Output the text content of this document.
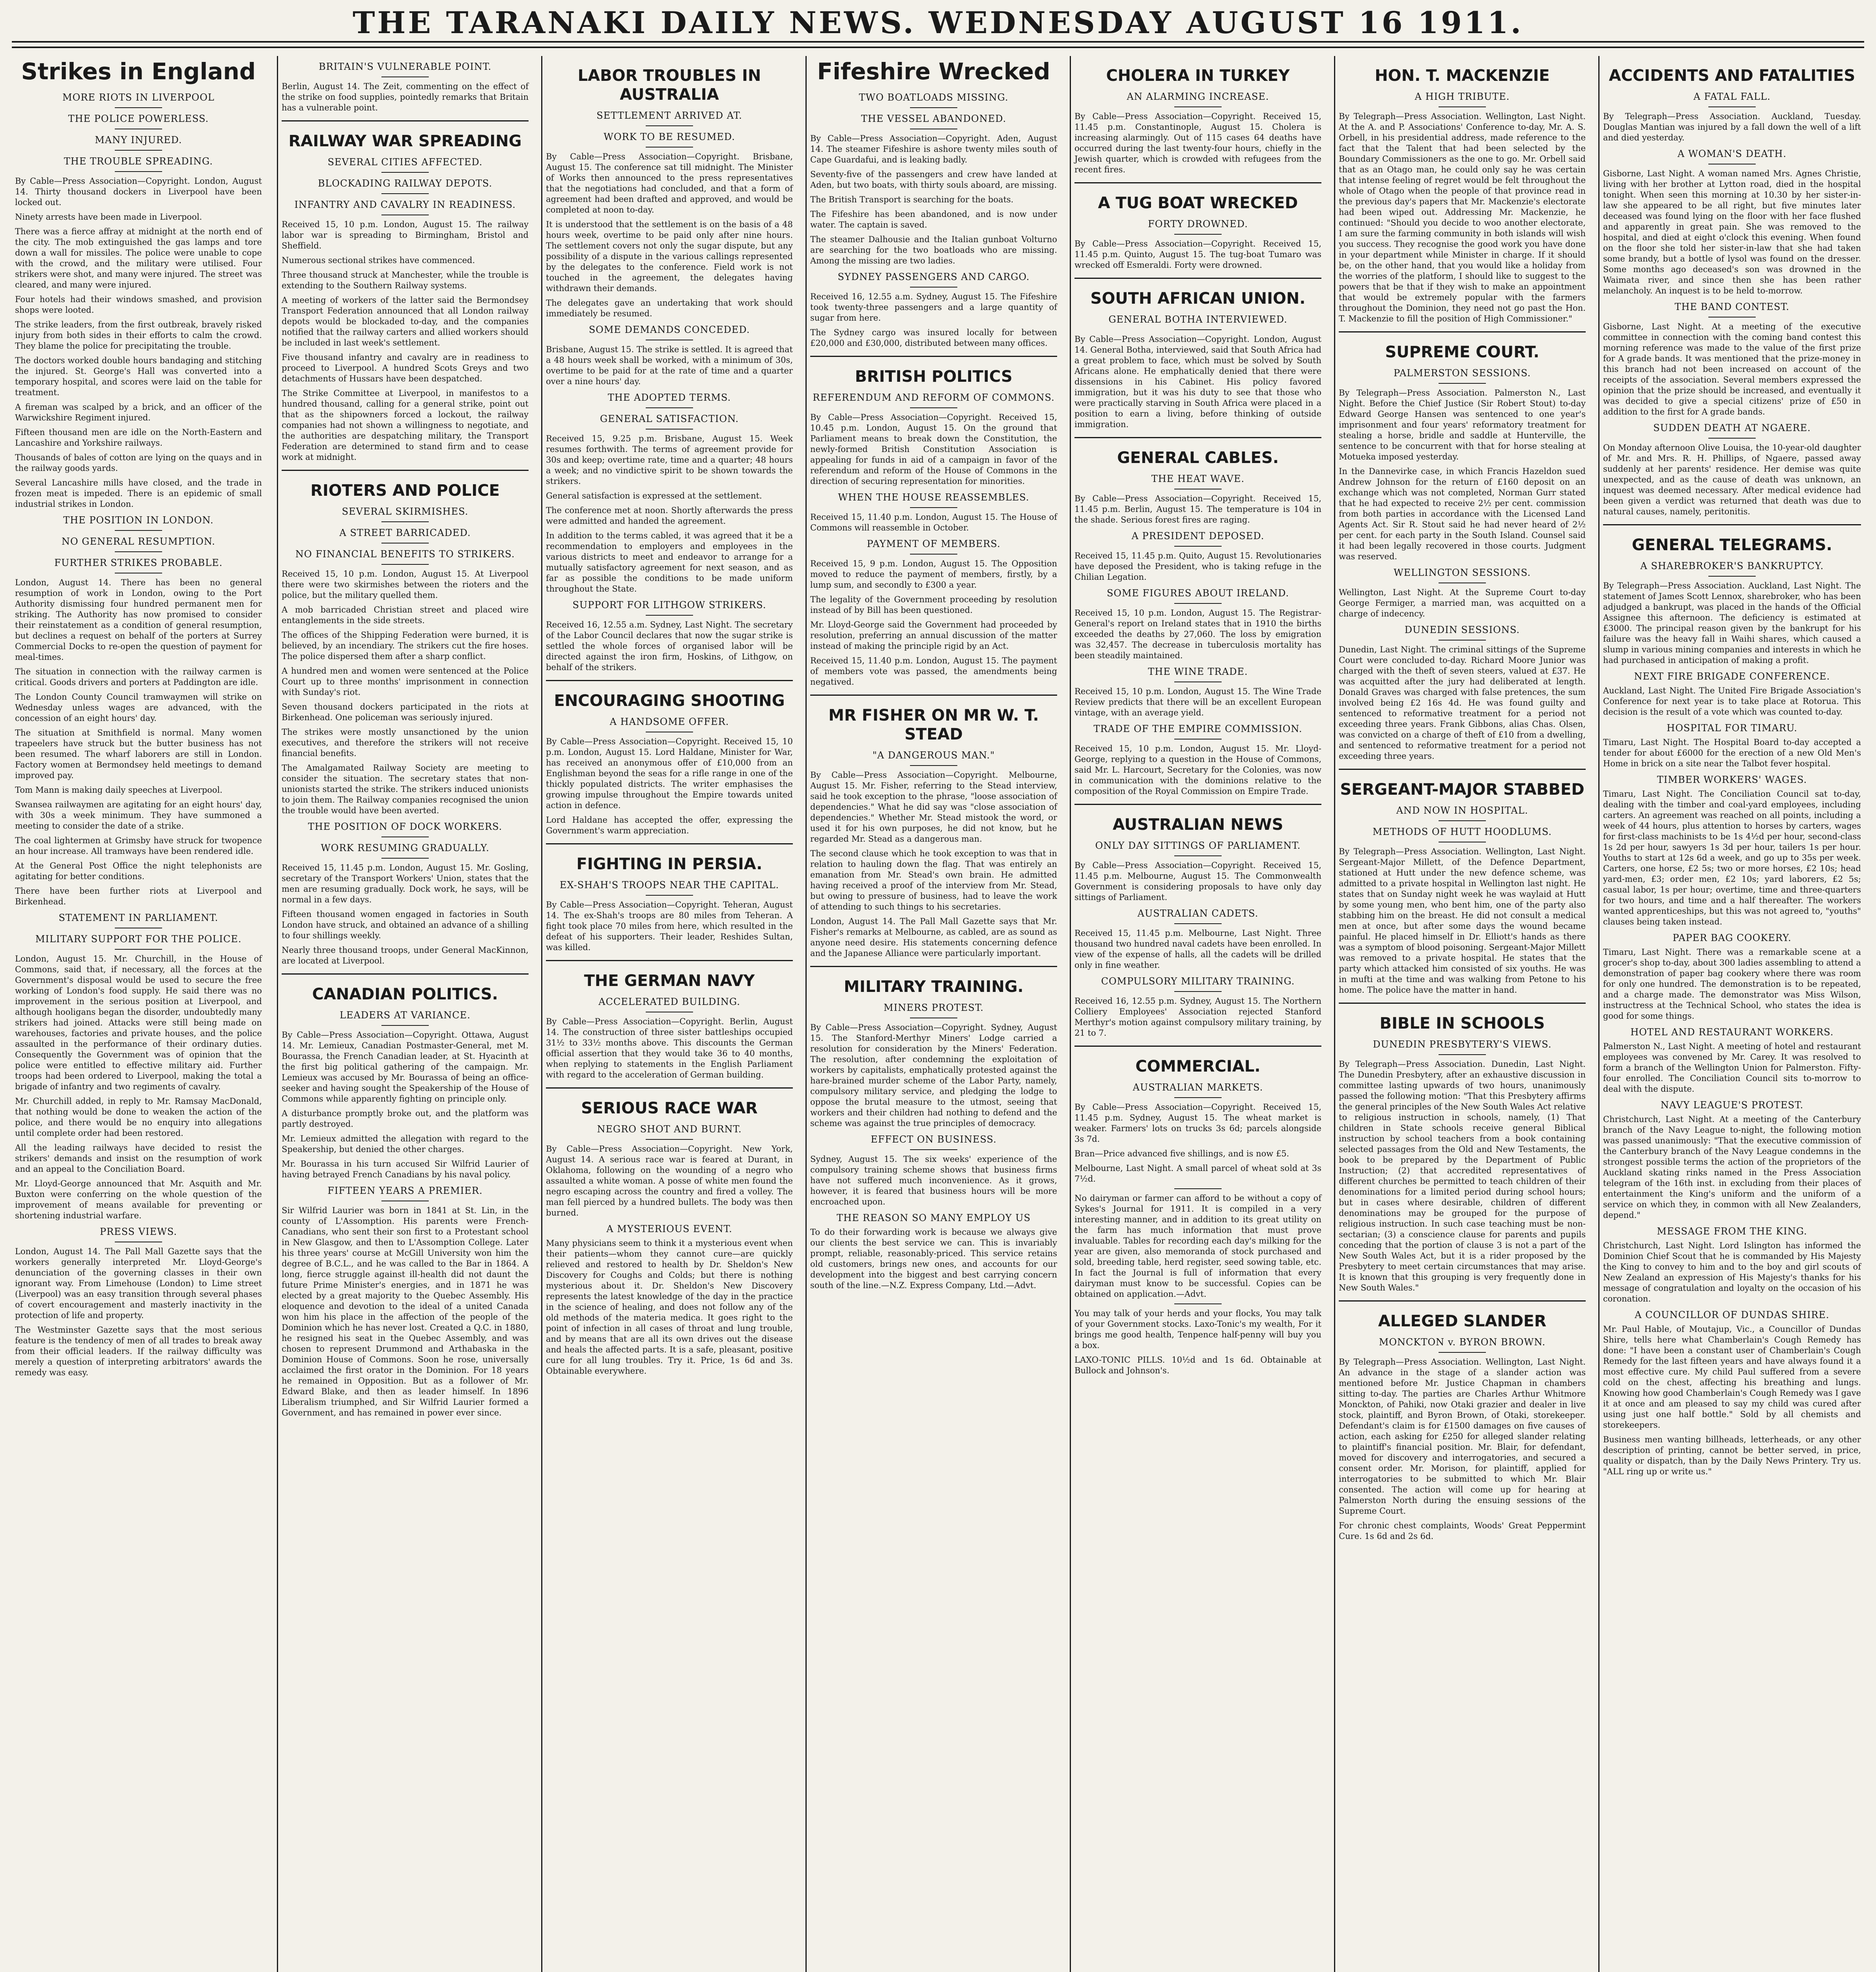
THE TARANAKI DAILY NEWS. WEDNESDAY AUGUST 16 1911.
Strikes in England
MORE RIOTS IN LIVERPOOL
THE POLICE POWERLESS.
MANY INJURED.
THE TROUBLE SPREADING.

By Cable—Press Association—Copyright. London, August 14. Thirty thousand dockers in Liverpool have been locked out.

Ninety arrests have been made in Liverpool.

There was a fierce affray at midnight at the north end of the city. The mob extinguished the gas lamps and tore down a wall for missiles. The police were unable to cope with the crowd, and the military were utilised. Four strikers were shot, and many were injured. The street was cleared, and many were injured.

Four hotels had their windows smashed, and provision shops were looted.

The strike leaders, from the first outbreak, bravely risked injury from both sides in their efforts to calm the crowd. They blame the police for precipitating the trouble.

The doctors worked double hours bandaging and stitching the injured. St. George's Hall was converted into a temporary hospital, and scores were laid on the table for treatment.

A fireman was scalped by a brick, and an officer of the Warwickshire Regiment injured.

Fifteen thousand men are idle on the North-Eastern and Lancashire and Yorkshire railways.

Thousands of bales of cotton are lying on the quays and in the railway goods yards.

Several Lancashire mills have closed, and the trade in frozen meat is impeded. There is an epidemic of small industrial strikes in London.

THE POSITION IN LONDON.
NO GENERAL RESUMPTION.
FURTHER STRIKES PROBABLE.

London, August 14. There has been no general resumption of work in London, owing to the Port Authority dismissing four hundred permanent men for striking. The Authority has now promised to consider their reinstatement as a condition of general resumption, but declines a request on behalf of the porters at Surrey Commercial Docks to re-open the question of payment for meal-times.

The situation in connection with the railway carmen is critical. Goods drivers and porters at Paddington are idle.

The London County Council tramwaymen will strike on Wednesday unless wages are advanced, with the concession of an eight hours' day.

The situation at Smithfield is normal. Many women trapeelers have struck but the butter business has not been resumed. The wharf laborers are still in London. Factory women at Bermondsey held meetings to demand improved pay.

Tom Mann is making daily speeches at Liverpool.

Swansea railwaymen are agitating for an eight hours' day, with 30s a week minimum. They have summoned a meeting to consider the date of a strike.

The coal lightermen at Grimsby have struck for twopence an hour increase. All tramways have been rendered idle.

At the General Post Office the night telephonists are agitating for better conditions.

There have been further riots at Liverpool and Birkenhead.

STATEMENT IN PARLIAMENT.
MILITARY SUPPORT FOR THE POLICE.

London, August 15. Mr. Churchill, in the House of Commons, said that, if necessary, all the forces at the Government's disposal would be used to secure the free working of London's food supply. He said there was no improvement in the serious position at Liverpool, and although hooligans began the disorder, undoubtedly many strikers had joined. Attacks were still being made on warehouses, factories and private houses, and the police assaulted in the performance of their ordinary duties. Consequently the Government was of opinion that the police were entitled to effective military aid. Further troops had been ordered to Liverpool, making the total a brigade of infantry and two regiments of cavalry.

Mr. Churchill added, in reply to Mr. Ramsay MacDonald, that nothing would be done to weaken the action of the police, and there would be no enquiry into allegations until complete order had been restored.

All the leading railways have decided to resist the strikers' demands and insist on the resumption of work and an appeal to the Conciliation Board.

Mr. Lloyd-George announced that Mr. Asquith and Mr. Buxton were conferring on the whole question of the improvement of means available for preventing or shortening industrial warfare.

PRESS VIEWS.

London, August 14. The Pall Mall Gazette says that the workers generally interpreted Mr. Lloyd-George's denunciation of the governing classes in their own ignorant way. From Limehouse (London) to Lime street (Liverpool) was an easy transition through several phases of covert encouragement and masterly inactivity in the protection of life and property.

The Westminster Gazette says that the most serious feature is the tendency of men of all trades to break away from their official leaders. If the railway difficulty was merely a question of interpreting arbitrators' awards the remedy was easy.

BRITAIN'S VULNERABLE POINT.

Berlin, August 14. The Zeit, commenting on the effect of the strike on food supplies, pointedly remarks that Britain has a vulnerable point.

RAILWAY WAR SPREADING
SEVERAL CITIES AFFECTED.
BLOCKADING RAILWAY DEPOTS.
INFANTRY AND CAVALRY IN READINESS.

Received 15, 10 p.m. London, August 15. The railway labor war is spreading to Birmingham, Bristol and Sheffield.

Numerous sectional strikes have commenced.

Three thousand struck at Manchester, while the trouble is extending to the Southern Railway systems.

A meeting of workers of the latter said the Bermondsey Transport Federation announced that all London railway depots would be blockaded to-day, and the companies notified that the railway carters and allied workers should be included in last week's settlement.

Five thousand infantry and cavalry are in readiness to proceed to Liverpool. A hundred Scots Greys and two detachments of Hussars have been despatched.

The Strike Committee at Liverpool, in manifestos to a hundred thousand, calling for a general strike, point out that as the shipowners forced a lockout, the railway companies had not shown a willingness to negotiate, and the authorities are despatching military, the Transport Federation are determined to stand firm and to cease work at midnight.

RIOTERS AND POLICE
SEVERAL SKIRMISHES.
A STREET BARRICADED.
NO FINANCIAL BENEFITS TO STRIKERS.

Received 15, 10 p.m. London, August 15. At Liverpool there were two skirmishes between the rioters and the police, but the military quelled them.

A mob barricaded Christian street and placed wire entanglements in the side streets.

The offices of the Shipping Federation were burned, it is believed, by an incendiary. The strikers cut the fire hoses. The police dispersed them after a sharp conflict.

A hundred men and women were sentenced at the Police Court up to three months' imprisonment in connection with Sunday's riot.

Seven thousand dockers participated in the riots at Birkenhead. One policeman was seriously injured.

The strikes were mostly unsanctioned by the union executives, and therefore the strikers will not receive financial benefits.

The Amalgamated Railway Society are meeting to consider the situation. The secretary states that non-unionists started the strike. The strikers induced unionists to join them. The Railway companies recognised the union the trouble would have been averted.

THE POSITION OF DOCK WORKERS.
WORK RESUMING GRADUALLY.

Received 15, 11.45 p.m. London, August 15. Mr. Gosling, secretary of the Transport Workers' Union, states that the men are resuming gradually. Dock work, he says, will be normal in a few days.

Fifteen thousand women engaged in factories in South London have struck, and obtained an advance of a shilling to four shillings weekly.

Nearly three thousand troops, under General MacKinnon, are located at Liverpool.

CANADIAN POLITICS.
LEADERS AT VARIANCE.

By Cable—Press Association—Copyright. Ottawa, August 14. Mr. Lemieux, Canadian Postmaster-General, met M. Bourassa, the French Canadian leader, at St. Hyacinth at the first big political gathering of the campaign. Mr. Lemieux was accused by Mr. Bourassa of being an office-seeker and having sought the Speakership of the House of Commons while apparently fighting on principle only.

A disturbance promptly broke out, and the platform was partly destroyed.

Mr. Lemieux admitted the allegation with regard to the Speakership, but denied the other charges.

Mr. Bourassa in his turn accused Sir Wilfrid Laurier of having betrayed French Canadians by his naval policy.

FIFTEEN YEARS A PREMIER.

Sir Wilfrid Laurier was born in 1841 at St. Lin, in the county of L'Assomption. His parents were French-Canadians, who sent their son first to a Protestant school in New Glasgow, and then to L'Assomption College. Later his three years' course at McGill University won him the degree of B.C.L., and he was called to the Bar in 1864. A long, fierce struggle against ill-health did not daunt the future Prime Minister's energies, and in 1871 he was elected by a great majority to the Quebec Assembly. His eloquence and devotion to the ideal of a united Canada won him his place in the affection of the people of the Dominion which he has never lost. Created a Q.C. in 1880, he resigned his seat in the Quebec Assembly, and was chosen to represent Drummond and Arthabaska in the Dominion House of Commons. Soon he rose, universally acclaimed the first orator in the Dominion. For 18 years he remained in Opposition. But as a follower of Mr. Edward Blake, and then as leader himself. In 1896 Liberalism triumphed, and Sir Wilfrid Laurier formed a Government, and has remained in power ever since.

LABOR TROUBLES IN AUSTRALIA
SETTLEMENT ARRIVED AT.
WORK TO BE RESUMED.

By Cable—Press Association—Copyright. Brisbane, August 15. The conference sat till midnight. The Minister of Works then announced to the press representatives that the negotiations had concluded, and that a form of agreement had been drafted and approved, and would be completed at noon to-day.

It is understood that the settlement is on the basis of a 48 hours week, overtime to be paid only after nine hours. The settlement covers not only the sugar dispute, but any possibility of a dispute in the various callings represented by the delegates to the conference. Field work is not touched in the agreement, the delegates having withdrawn their demands.

The delegates gave an undertaking that work should immediately be resumed.

SOME DEMANDS CONCEDED.

Brisbane, August 15. The strike is settled. It is agreed that a 48 hours week shall be worked, with a minimum of 30s, overtime to be paid for at the rate of time and a quarter over a nine hours' day.

THE ADOPTED TERMS.
GENERAL SATISFACTION.

Received 15, 9.25 p.m. Brisbane, August 15. Week resumes forthwith. The terms of agreement provide for 30s and keep; overtime rate, time and a quarter; 48 hours a week; and no vindictive spirit to be shown towards the strikers.

General satisfaction is expressed at the settlement.

The conference met at noon. Shortly afterwards the press were admitted and handed the agreement.

In addition to the terms cabled, it was agreed that it be a recommendation to employers and employees in the various districts to meet and endeavor to arrange for a mutually satisfactory agreement for next season, and as far as possible the conditions to be made uniform throughout the State.

SUPPORT FOR LITHGOW STRIKERS.

Received 16, 12.55 a.m. Sydney, Last Night. The secretary of the Labor Council declares that now the sugar strike is settled the whole forces of organised labor will be directed against the iron firm, Hoskins, of Lithgow, on behalf of the strikers.

ENCOURAGING SHOOTING
A HANDSOME OFFER.

By Cable—Press Association—Copyright. Received 15, 10 p.m. London, August 15. Lord Haldane, Minister for War, has received an anonymous offer of £10,000 from an Englishman beyond the seas for a rifle range in one of the thickly populated districts. The writer emphasises the growing impulse throughout the Empire towards united action in defence.

Lord Haldane has accepted the offer, expressing the Government's warm appreciation.

FIGHTING IN PERSIA.
EX-SHAH'S TROOPS NEAR THE CAPITAL.

By Cable—Press Association—Copyright. Teheran, August 14. The ex-Shah's troops are 80 miles from Teheran. A fight took place 70 miles from here, which resulted in the defeat of his supporters. Their leader, Reshides Sultan, was killed.

THE GERMAN NAVY
ACCELERATED BUILDING.

By Cable—Press Association—Copyright. Berlin, August 14. The construction of three sister battleships occupied 31½ to 33½ months above. This discounts the German official assertion that they would take 36 to 40 months, when replying to statements in the English Parliament with regard to the acceleration of German building.

SERIOUS RACE WAR
NEGRO SHOT AND BURNT.

By Cable—Press Association—Copyright. New York, August 14. A serious race war is feared at Durant, in Oklahoma, following on the wounding of a negro who assaulted a white woman. A posse of white men found the negro escaping across the country and fired a volley. The man fell pierced by a hundred bullets. The body was then burned.

A MYSTERIOUS EVENT.

Many physicians seem to think it a mysterious event when their patients—whom they cannot cure—are quickly relieved and restored to health by Dr. Sheldon's New Discovery for Coughs and Colds; but there is nothing mysterious about it. Dr. Sheldon's New Discovery represents the latest knowledge of the day in the practice in the science of healing, and does not follow any of the old methods of the materia medica. It goes right to the point of infection in all cases of throat and lung trouble, and by means that are all its own drives out the disease and heals the affected parts. It is a safe, pleasant, positive cure for all lung troubles. Try it. Price, 1s 6d and 3s. Obtainable everywhere.

Fifeshire Wrecked
TWO BOATLOADS MISSING.
THE VESSEL ABANDONED.

By Cable—Press Association—Copyright. Aden, August 14. The steamer Fifeshire is ashore twenty miles south of Cape Guardafui, and is leaking badly.

Seventy-five of the passengers and crew have landed at Aden, but two boats, with thirty souls aboard, are missing.

The British Transport is searching for the boats.

The Fifeshire has been abandoned, and is now under water. The captain is saved.

The steamer Dalhousie and the Italian gunboat Volturno are searching for the two boatloads who are missing. Among the missing are two ladies.

SYDNEY PASSENGERS AND CARGO.

Received 16, 12.55 a.m. Sydney, August 15. The Fifeshire took twenty-three passengers and a large quantity of sugar from here.

The Sydney cargo was insured locally for between £20,000 and £30,000, distributed between many offices.

BRITISH POLITICS
REFERENDUM AND REFORM OF COMMONS.

By Cable—Press Association—Copyright. Received 15, 10.45 p.m. London, August 15. On the ground that Parliament means to break down the Constitution, the newly-formed British Constitution Association is appealing for funds in aid of a campaign in favor of the referendum and reform of the House of Commons in the direction of securing representation for minorities.

WHEN THE HOUSE REASSEMBLES.

Received 15, 11.40 p.m. London, August 15. The House of Commons will reassemble in October.

PAYMENT OF MEMBERS.

Received 15, 9 p.m. London, August 15. The Opposition moved to reduce the payment of members, firstly, by a lump sum, and secondly to £300 a year.

The legality of the Government proceeding by resolution instead of by Bill has been questioned.

Mr. Lloyd-George said the Government had proceeded by resolution, preferring an annual discussion of the matter instead of making the principle rigid by an Act.

Received 15, 11.40 p.m. London, August 15. The payment of members vote was passed, the amendments being negatived.

MR FISHER ON MR W. T. STEAD
"A DANGEROUS MAN."

By Cable—Press Association—Copyright. Melbourne, August 15. Mr. Fisher, referring to the Stead interview, said he took exception to the phrase, "loose association of dependencies." What he did say was "close association of dependencies." Whether Mr. Stead mistook the word, or used it for his own purposes, he did not know, but he regarded Mr. Stead as a dangerous man.

The second clause which he took exception to was that in relation to hauling down the flag. That was entirely an emanation from Mr. Stead's own brain. He admitted having received a proof of the interview from Mr. Stead, but owing to pressure of business, had to leave the work of attending to such things to his secretaries.

London, August 14. The Pall Mall Gazette says that Mr. Fisher's remarks at Melbourne, as cabled, are as sound as anyone need desire. His statements concerning defence and the Japanese Alliance were particularly important.

MILITARY TRAINING.
MINERS PROTEST.

By Cable—Press Association—Copyright. Sydney, August 15. The Stanford-Merthyr Miners' Lodge carried a resolution for consideration by the Miners' Federation. The resolution, after condemning the exploitation of workers by capitalists, emphatically protested against the hare-brained murder scheme of the Labor Party, namely, compulsory military service, and pledging the lodge to oppose the brutal measure to the utmost, seeing that workers and their children had nothing to defend and the scheme was against the true principles of democracy.

EFFECT ON BUSINESS.

Sydney, August 15. The six weeks' experience of the compulsory training scheme shows that business firms have not suffered much inconvenience. As it grows, however, it is feared that business hours will be more encroached upon.

THE REASON SO MANY EMPLOY US

To do their forwarding work is because we always give our clients the best service we can. This is invariably prompt, reliable, reasonably-priced. This service retains old customers, brings new ones, and accounts for our development into the biggest and best carrying concern south of the line.—N.Z. Express Company, Ltd.—Advt.

CHOLERA IN TURKEY
AN ALARMING INCREASE.

By Cable—Press Association—Copyright. Received 15, 11.45 p.m. Constantinople, August 15. Cholera is increasing alarmingly. Out of 115 cases 64 deaths have occurred during the last twenty-four hours, chiefly in the Jewish quarter, which is crowded with refugees from the recent fires.

A TUG BOAT WRECKED
FORTY DROWNED.

By Cable—Press Association—Copyright. Received 15, 11.45 p.m. Quinto, August 15. The tug-boat Tumaro was wrecked off Esmeraldi. Forty were drowned.

SOUTH AFRICAN UNION.
GENERAL BOTHA INTERVIEWED.

By Cable—Press Association—Copyright. London, August 14. General Botha, interviewed, said that South Africa had a great problem to face, which must be solved by South Africans alone. He emphatically denied that there were dissensions in his Cabinet. His policy favored immigration, but it was his duty to see that those who were practically starving in South Africa were placed in a position to earn a living, before thinking of outside immigration.

GENERAL CABLES.
THE HEAT WAVE.

By Cable—Press Association—Copyright. Received 15, 11.45 p.m. Berlin, August 15. The temperature is 104 in the shade. Serious forest fires are raging.

A PRESIDENT DEPOSED.

Received 15, 11.45 p.m. Quito, August 15. Revolutionaries have deposed the President, who is taking refuge in the Chilian Legation.

SOME FIGURES ABOUT IRELAND.

Received 15, 10 p.m. London, August 15. The Registrar-General's report on Ireland states that in 1910 the births exceeded the deaths by 27,060. The loss by emigration was 32,457. The decrease in tuberculosis mortality has been steadily maintained.

THE WINE TRADE.

Received 15, 10 p.m. London, August 15. The Wine Trade Review predicts that there will be an excellent European vintage, with an average yield.

TRADE OF THE EMPIRE COMMISSION.

Received 15, 10 p.m. London, August 15. Mr. Lloyd-George, replying to a question in the House of Commons, said Mr. L. Harcourt, Secretary for the Colonies, was now in communication with the dominions relative to the composition of the Royal Commission on Empire Trade.

AUSTRALIAN NEWS
ONLY DAY SITTINGS OF PARLIAMENT.

By Cable—Press Association—Copyright. Received 15, 11.45 p.m. Melbourne, August 15. The Commonwealth Government is considering proposals to have only day sittings of Parliament.

AUSTRALIAN CADETS.

Received 15, 11.45 p.m. Melbourne, Last Night. Three thousand two hundred naval cadets have been enrolled. In view of the expense of halls, all the cadets will be drilled only in fine weather.

COMPULSORY MILITARY TRAINING.

Received 16, 12.55 p.m. Sydney, August 15. The Northern Colliery Employees' Association rejected Stanford Merthyr's motion against compulsory military training, by 21 to 7.

COMMERCIAL.
AUSTRALIAN MARKETS.

By Cable—Press Association—Copyright. Received 15, 11.45 p.m. Sydney, August 15. The wheat market is weaker. Farmers' lots on trucks 3s 6d; parcels alongside 3s 7d.

Bran—Price advanced five shillings, and is now £5.

Melbourne, Last Night. A small parcel of wheat sold at 3s 7½d.

No dairyman or farmer can afford to be without a copy of Sykes's Journal for 1911. It is compiled in a very interesting manner, and in addition to its great utility on the farm has much information that must prove invaluable. Tables for recording each day's milking for the year are given, also memoranda of stock purchased and sold, breeding table, herd register, seed sowing table, etc. In fact the Journal is full of information that every dairyman must know to be successful. Copies can be obtained on application.—Advt.

You may talk of your herds and your flocks, You may talk of your Government stocks. Laxo-Tonic's my wealth, For it brings me good health, Tenpence half-penny will buy you a box.

LAXO-TONIC PILLS. 10½d and 1s 6d. Obtainable at Bullock and Johnson's.

HON. T. MACKENZIE
A HIGH TRIBUTE.

By Telegraph—Press Association. Wellington, Last Night. At the A. and P. Associations' Conference to-day, Mr. A. S. Orbell, in his presidential address, made reference to the fact that the Talent that had been selected by the Boundary Commissioners as the one to go. Mr. Orbell said that as an Otago man, he could only say he was certain that intense feeling of regret would be felt throughout the whole of Otago when the people of that province read in the previous day's papers that Mr. Mackenzie's electorate had been wiped out. Addressing Mr. Mackenzie, he continued: "Should you decide to woo another electorate, I am sure the farming community in both islands will wish you success. They recognise the good work you have done in your department while Minister in charge. If it should be, on the other hand, that you would like a holiday from the worries of the platform, I should like to suggest to the powers that be that if they wish to make an appointment that would be extremely popular with the farmers throughout the Dominion, they need not go past the Hon. T. Mackenzie to fill the position of High Commissioner."

SUPREME COURT.
PALMERSTON SESSIONS.

By Telegraph—Press Association. Palmerston N., Last Night. Before the Chief Justice (Sir Robert Stout) to-day Edward George Hansen was sentenced to one year's imprisonment and four years' reformatory treatment for stealing a horse, bridle and saddle at Hunterville, the sentence to be concurrent with that for horse stealing at Motueka imposed yesterday.

In the Dannevirke case, in which Francis Hazeldon sued Andrew Johnson for the return of £160 deposit on an exchange which was not completed, Norman Gurr stated that he had expected to receive 2½ per cent. commission from both parties in accordance with the Licensed Land Agents Act. Sir R. Stout said he had never heard of 2½ per cent. for each party in the South Island. Counsel said it had been legally recovered in those courts. Judgment was reserved.

WELLINGTON SESSIONS.

Wellington, Last Night. At the Supreme Court to-day George Fermiger, a married man, was acquitted on a charge of indecency.

DUNEDIN SESSIONS.

Dunedin, Last Night. The criminal sittings of the Supreme Court were concluded to-day. Richard Moore Junior was charged with the theft of seven steers, valued at £37. He was acquitted after the jury had deliberated at length. Donald Graves was charged with false pretences, the sum involved being £2 16s 4d. He was found guilty and sentenced to reformative treatment for a period not exceeding three years. Frank Gibbons, alias Chas. Olsen, was convicted on a charge of theft of £10 from a dwelling, and sentenced to reformative treatment for a period not exceeding three years.

SERGEANT-MAJOR STABBED
AND NOW IN HOSPITAL.
METHODS OF HUTT HOODLUMS.

By Telegraph—Press Association. Wellington, Last Night. Sergeant-Major Millett, of the Defence Department, stationed at Hutt under the new defence scheme, was admitted to a private hospital in Wellington last night. He states that on Sunday night week he was waylaid at Hutt by some young men, who bent him, one of the party also stabbing him on the breast. He did not consult a medical men at once, but after some days the wound became painful. He placed himself in Dr. Elliott's hands as there was a symptom of blood poisoning. Sergeant-Major Millett was removed to a private hospital. He states that the party which attacked him consisted of six youths. He was in mufti at the time and was walking from Petone to his home. The police have the matter in hand.

BIBLE IN SCHOOLS
DUNEDIN PRESBYTERY'S VIEWS.

By Telegraph—Press Association. Dunedin, Last Night. The Dunedin Presbytery, after an exhaustive discussion in committee lasting upwards of two hours, unanimously passed the following motion: "That this Presbytery affirms the general principles of the New South Wales Act relative to religious instruction in schools, namely, (1) That children in State schools receive general Biblical instruction by school teachers from a book containing selected passages from the Old and New Testaments, the book to be prepared by the Department of Public Instruction; (2) that accredited representatives of different churches be permitted to teach children of their denominations for a limited period during school hours; but in cases where desirable, children of different denominations may be grouped for the purpose of religious instruction. In such case teaching must be non-sectarian; (3) a conscience clause for parents and pupils conceding that the portion of clause 3 is not a part of the New South Wales Act, but it is a rider proposed by the Presbytery to meet certain circumstances that may arise. It is known that this grouping is very frequently done in New South Wales."

ALLEGED SLANDER
MONCKTON v. BYRON BROWN.

By Telegraph—Press Association. Wellington, Last Night. An advance in the stage of a slander action was mentioned before Mr. Justice Chapman in chambers sitting to-day. The parties are Charles Arthur Whitmore Monckton, of Pahiki, now Otaki grazier and dealer in live stock, plaintiff, and Byron Brown, of Otaki, storekeeper. Defendant's claim is for £1500 damages on five causes of action, each asking for £250 for alleged slander relating to plaintiff's financial position. Mr. Blair, for defendant, moved for discovery and interrogatories, and secured a consent order. Mr. Morison, for plaintiff, applied for interrogatories to be submitted to which Mr. Blair consented. The action will come up for hearing at Palmerston North during the ensuing sessions of the Supreme Court.

For chronic chest complaints, Woods' Great Peppermint Cure. 1s 6d and 2s 6d.

ACCIDENTS AND FATALITIES
A FATAL FALL.

By Telegraph—Press Association. Auckland, Tuesday. Douglas Mantian was injured by a fall down the well of a lift and died yesterday.

A WOMAN'S DEATH.

Gisborne, Last Night. A woman named Mrs. Agnes Christie, living with her brother at Lytton road, died in the hospital tonight. When seen this morning at 10.30 by her sister-in-law she appeared to be all right, but five minutes later deceased was found lying on the floor with her face flushed and apparently in great pain. She was removed to the hospital, and died at eight o'clock this evening. When found on the floor she told her sister-in-law that she had taken some brandy, but a bottle of lysol was found on the dresser. Some months ago deceased's son was drowned in the Waimata river, and since then she has been rather melancholy. An inquest is to be held to-morrow.

THE BAND CONTEST.

Gisborne, Last Night. At a meeting of the executive committee in connection with the coming band contest this morning reference was made to the value of the first prize for A grade bands. It was mentioned that the prize-money in this branch had not been increased on account of the receipts of the association. Several members expressed the opinion that the prize should be increased, and eventually it was decided to give a special citizens' prize of £50 in addition to the first for A grade bands.

SUDDEN DEATH AT NGAERE.

On Monday afternoon Olive Louisa, the 10-year-old daughter of Mr. and Mrs. R. H. Phillips, of Ngaere, passed away suddenly at her parents' residence. Her demise was quite unexpected, and as the cause of death was unknown, an inquest was deemed necessary. After medical evidence had been given a verdict was returned that death was due to natural causes, namely, peritonitis.

GENERAL TELEGRAMS.
A SHAREBROKER'S BANKRUPTCY.

By Telegraph—Press Association. Auckland, Last Night. The statement of James Scott Lennox, sharebroker, who has been adjudged a bankrupt, was placed in the hands of the Official Assignee this afternoon. The deficiency is estimated at £3000. The principal reason given by the bankrupt for his failure was the heavy fall in Waihi shares, which caused a slump in various mining companies and interests in which he had purchased in anticipation of making a profit.

NEXT FIRE BRIGADE CONFERENCE.

Auckland, Last Night. The United Fire Brigade Association's Conference for next year is to take place at Rotorua. This decision is the result of a vote which was counted to-day.

HOSPITAL FOR TIMARU.

Timaru, Last Night. The Hospital Board to-day accepted a tender for about £6000 for the erection of a new Old Men's Home in brick on a site near the Talbot fever hospital.

TIMBER WORKERS' WAGES.

Timaru, Last Night. The Conciliation Council sat to-day, dealing with the timber and coal-yard employees, including carters. An agreement was reached on all points, including a week of 44 hours, plus attention to horses by carters, wages for first-class machinists to be 1s 4½d per hour, second-class 1s 2d per hour, sawyers 1s 3d per hour, tailers 1s per hour. Youths to start at 12s 6d a week, and go up to 35s per week. Carters, one horse, £2 5s; two or more horses, £2 10s; head yard-men, £3; order men, £2 10s; yard laborers, £2 5s; casual labor, 1s per hour; overtime, time and three-quarters for two hours, and time and a half thereafter. The workers wanted apprenticeships, but this was not agreed to, "youths" clauses being taken instead.

PAPER BAG COOKERY.

Timaru, Last Night. There was a remarkable scene at a grocer's shop to-day, about 300 ladies assembling to attend a demonstration of paper bag cookery where there was room for only one hundred. The demonstration is to be repeated, and a charge made. The demonstrator was Miss Wilson, instructress at the Technical School, who states the idea is good for some things.

HOTEL AND RESTAURANT WORKERS.

Palmerston N., Last Night. A meeting of hotel and restaurant employees was convened by Mr. Carey. It was resolved to form a branch of the Wellington Union for Palmerston. Fifty-four enrolled. The Conciliation Council sits to-morrow to deal with the dispute.

NAVY LEAGUE'S PROTEST.

Christchurch, Last Night. At a meeting of the Canterbury branch of the Navy League to-night, the following motion was passed unanimously: "That the executive commission of the Canterbury branch of the Navy League condemns in the strongest possible terms the action of the proprietors of the Auckland skating rinks named in the Press Association telegram of the 16th inst. in excluding from their places of entertainment the King's uniform and the uniform of a service on which they, in common with all New Zealanders, depend."

MESSAGE FROM THE KING.

Christchurch, Last Night. Lord Islington has informed the Dominion Chief Scout that he is commanded by His Majesty the King to convey to him and to the boy and girl scouts of New Zealand an expression of His Majesty's thanks for his message of congratulation and loyalty on the occasion of his coronation.

A COUNCILLOR OF DUNDAS SHIRE.

Mr. Paul Hable, of Moutajup, Vic., a Councillor of Dundas Shire, tells here what Chamberlain's Cough Remedy has done: "I have been a constant user of Chamberlain's Cough Remedy for the last fifteen years and have always found it a most effective cure. My child Paul suffered from a severe cold on the chest, affecting his breathing and lungs. Knowing how good Chamberlain's Cough Remedy was I gave it at once and am pleased to say my child was cured after using just one half bottle." Sold by all chemists and storekeepers.

Business men wanting billheads, letterheads, or any other description of printing, cannot be better served, in price, quality or dispatch, than by the Daily News Printery. Try us. "ALL ring up or write us."
